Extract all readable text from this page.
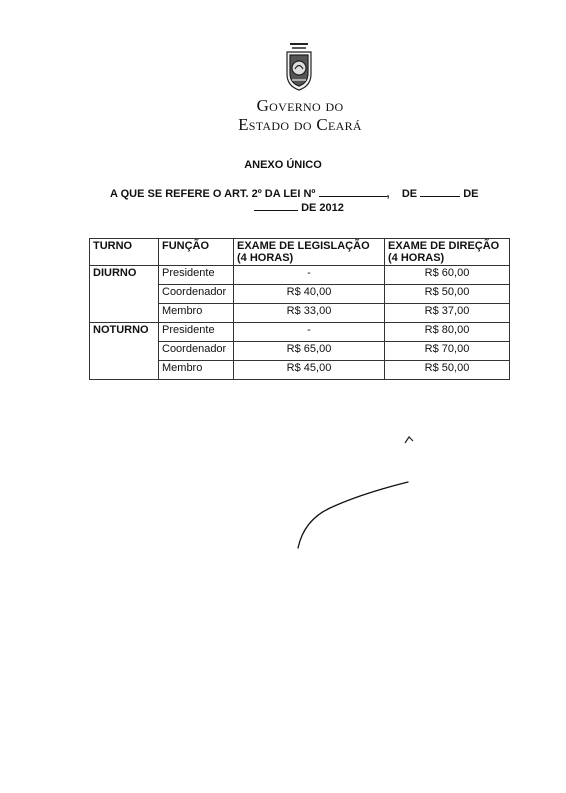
Governo do
Estado do Ceará
ANEXO ÚNICO
A QUE SE REFERE O ART. 2º DA LEI Nº	, DE	DE
DE 2012
TURNO	FUNÇÃO	EXAME DE LEGISLAÇÃO (4 HORAS)	EXAME DE DIREÇÃO (4 HORAS)
DIURNO	Presidente	-	R$ 60,00
	Coordenador	R$ 40,00	R$ 50,00
	Membro	R$ 33,00	R$ 37,00
NOTURNO	Presidente	-	R$ 80,00
	Coordenador	R$ 65,00	R$ 70,00
	Membro	R$ 45,00	R$ 50,00
